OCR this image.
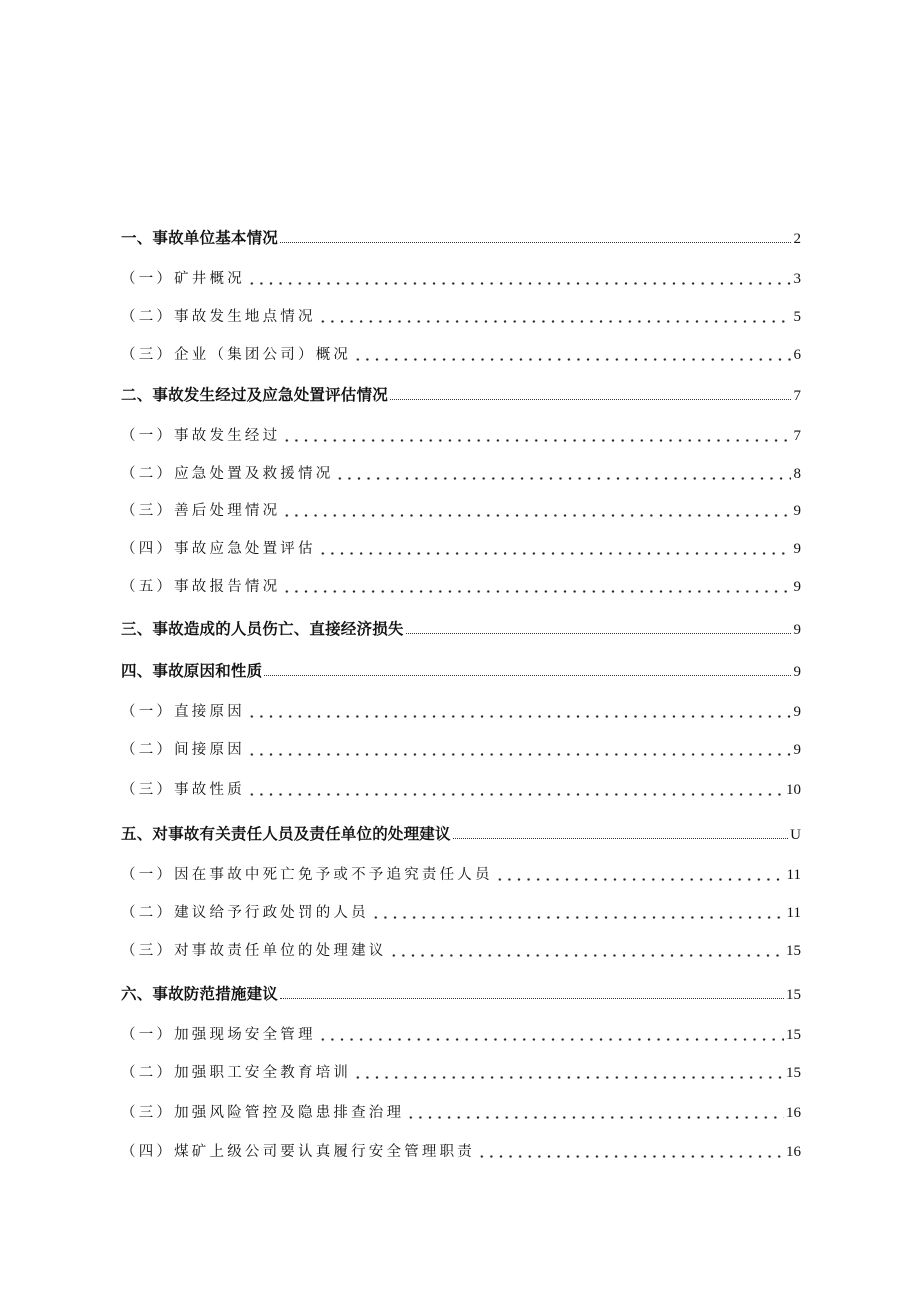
一、事故单位基本情况	2
（一）矿井概况	3
（二）事故发生地点情况	5
（三）企业（集团公司）概况	6
二、事故发生经过及应急处置评估情况	7
（一）事故发生经过	7
（二）应急处置及救援情况	8
（三）善后处理情况	9
（四）事故应急处置评估	9
（五）事故报告情况	9
三、事故造成的人员伤亡、直接经济损失	9
四、事故原因和性质	9
（一）直接原因	9
（二）间接原因	9
（三）事故性质	10
五、对事故有关责任人员及责任单位的处理建议	U
（一）因在事故中死亡免予或不予追究责任人员	11
（二）建议给予行政处罚的人员	11
（三）对事故责任单位的处理建议	15
六、事故防范措施建议	15
（一）加强现场安全管理	15
（二）加强职工安全教育培训	15
（三）加强风险管控及隐患排查治理	16
（四）煤矿上级公司要认真履行安全管理职责	16
